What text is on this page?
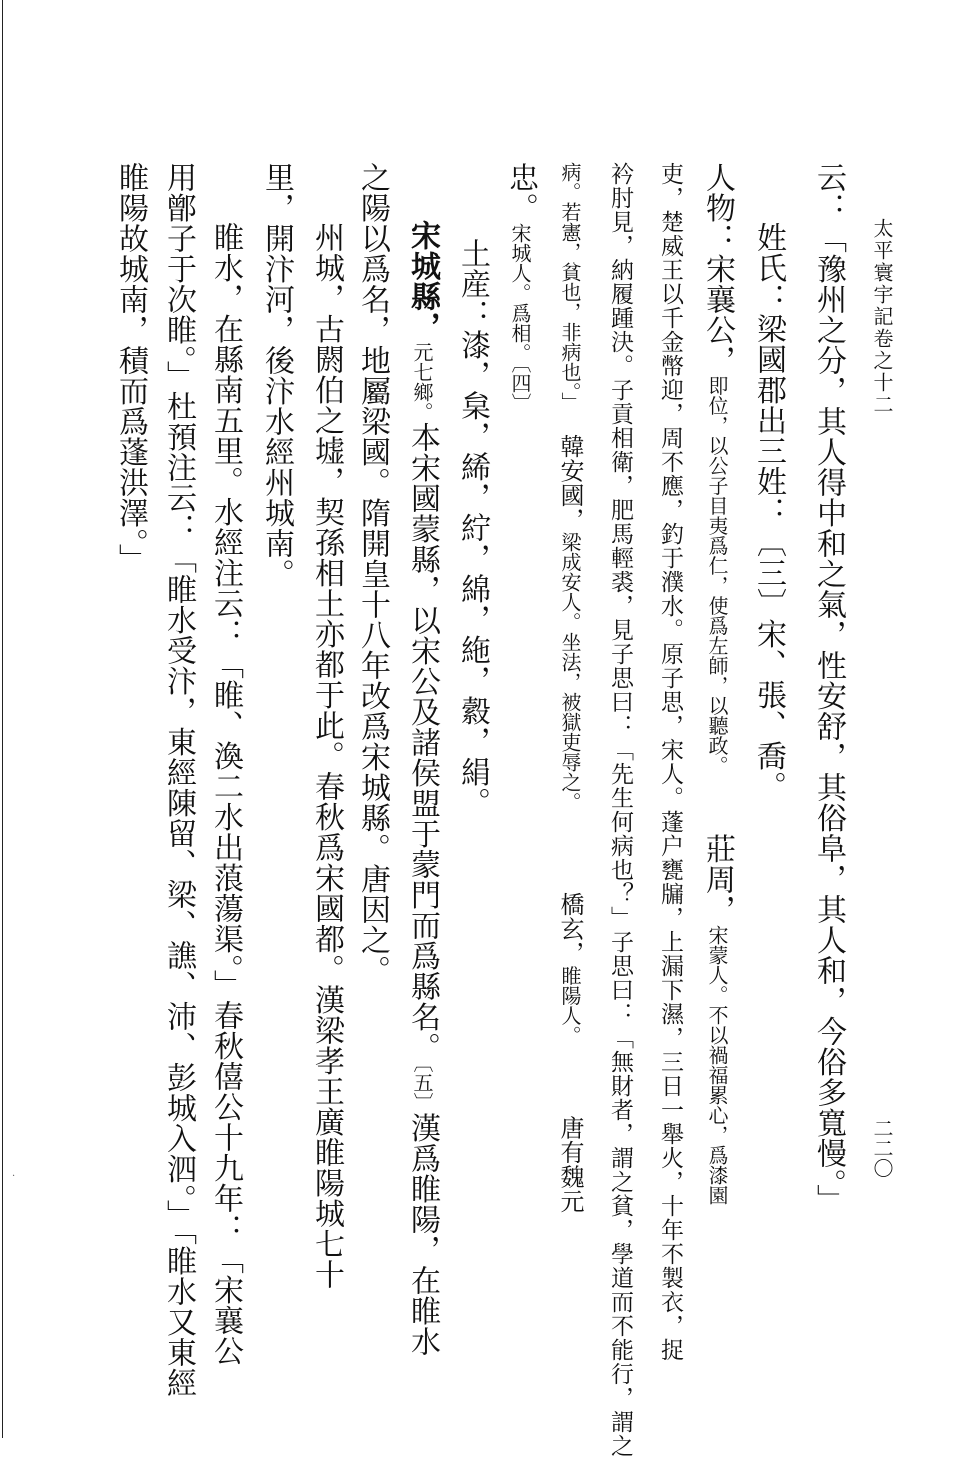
·
太平寰宇記卷之十二
二二〇
云：「豫州之分，其人得中和之氣，性安舒，其俗阜，其人和，今俗多寬慢。」
姓氏：梁國郡出三姓：〔三〕宋、張、喬。
人物：宋襄公，即位，以公子目夷爲仁，使爲左師，以聽政。莊周，宋蒙人。不以禍福累心，爲漆園
吏，楚威王以千金幣迎，周不應，釣于濮水。原子思，宋人。蓬户甕牖，上漏下濕，三日一舉火，十年不製衣，捉
衿肘見，納履踵決。子貢相衛，肥馬輕裘，見子思曰：「先生何病也？」子思曰：「無財者，謂之貧，學道而不能行，謂之
病。若憲，貧也，非病也。」韓安國，梁成安人。坐法，被獄吏辱之。橋玄，睢陽人。唐有魏元
忠。宋城人。爲相。〔四〕
土産：漆，枲，絺，紵，綿，絁，縠，絹。
宋城縣，元七鄉。本宋國蒙縣，以宋公及諸侯盟于蒙門而爲縣名。〔五〕漢爲睢陽，在睢水
之陽以爲名，地屬梁國。隋開皇十八年改爲宋城縣。唐因之。
州城，古閼伯之墟，契孫相土亦都于此。春秋爲宋國都。漢梁孝王廣睢陽城七十
里，開汴河，後汴水經州城南。
睢水，在縣南五里。水經注云：「睢、渙二水出蒗蕩渠。」春秋僖公十九年：「宋襄公
用鄫子于次睢。」杜預注云：「睢水受汴，東經陳留、梁、譙、沛、彭城入泗。」「睢水又東經
睢陽故城南，積而爲蓬洪澤。」
